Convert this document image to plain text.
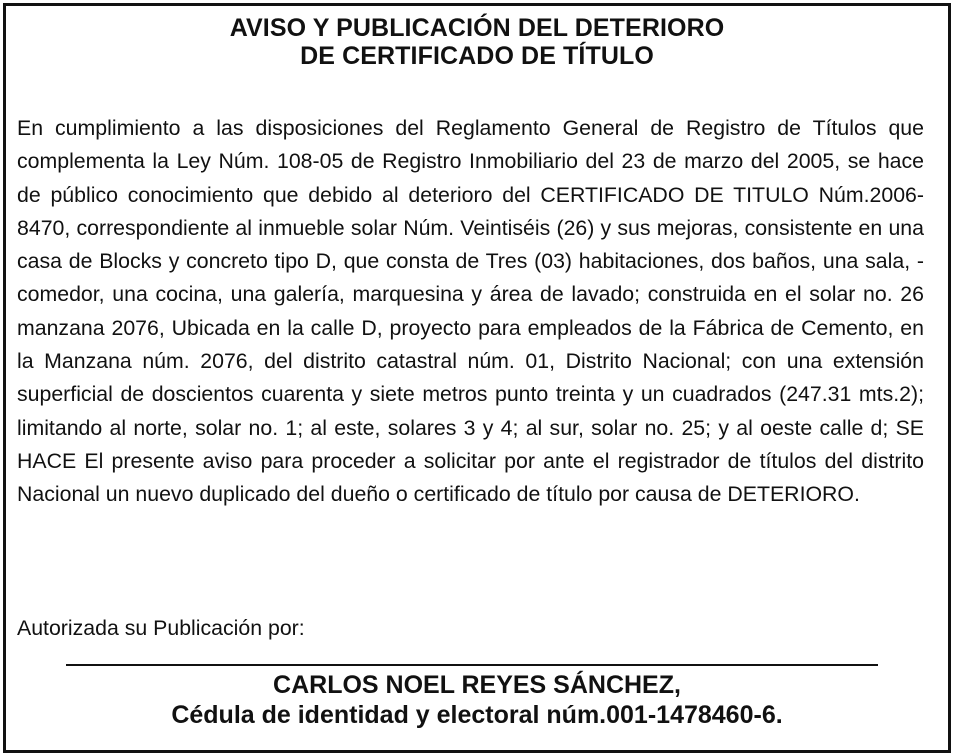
AVISO Y PUBLICACIÓN DEL DETERIORO
DE CERTIFICADO DE TÍTULO
En cumplimiento a las disposiciones del Reglamento General de Registro de Títulos que complementa la Ley Núm. 108-05 de Registro Inmobiliario del 23 de marzo del 2005, se hace de público conocimiento que debido al deterioro del CERTIFICADO DE TITULO Núm.2006-8470, correspondiente al inmueble solar Núm. Veintiséis (26) y sus mejoras, consistente en una casa de Blocks y concreto tipo D, que consta de Tres (03) habitaciones, dos baños, una sala, -comedor, una cocina, una galería, marquesina y área de lavado; construida en el solar no. 26 manzana 2076, Ubicada en la calle D, proyecto para empleados de la Fábrica de Cemento, en la Manzana núm. 2076, del distrito catastral núm. 01, Distrito Nacional; con una extensión superficial de doscientos cuarenta y siete metros punto treinta y un cuadrados (247.31 mts.2); limitando al norte, solar no. 1; al este, solares 3 y 4; al sur, solar no. 25; y al oeste calle d; SE HACE El presente aviso para proceder a solicitar por ante el registrador de títulos del distrito Nacional un nuevo duplicado del dueño o certificado de título por causa de DETERIORO.
Autorizada su Publicación por:
CARLOS NOEL REYES SÁNCHEZ,
Cédula de identidad y electoral núm.001-1478460-6.
